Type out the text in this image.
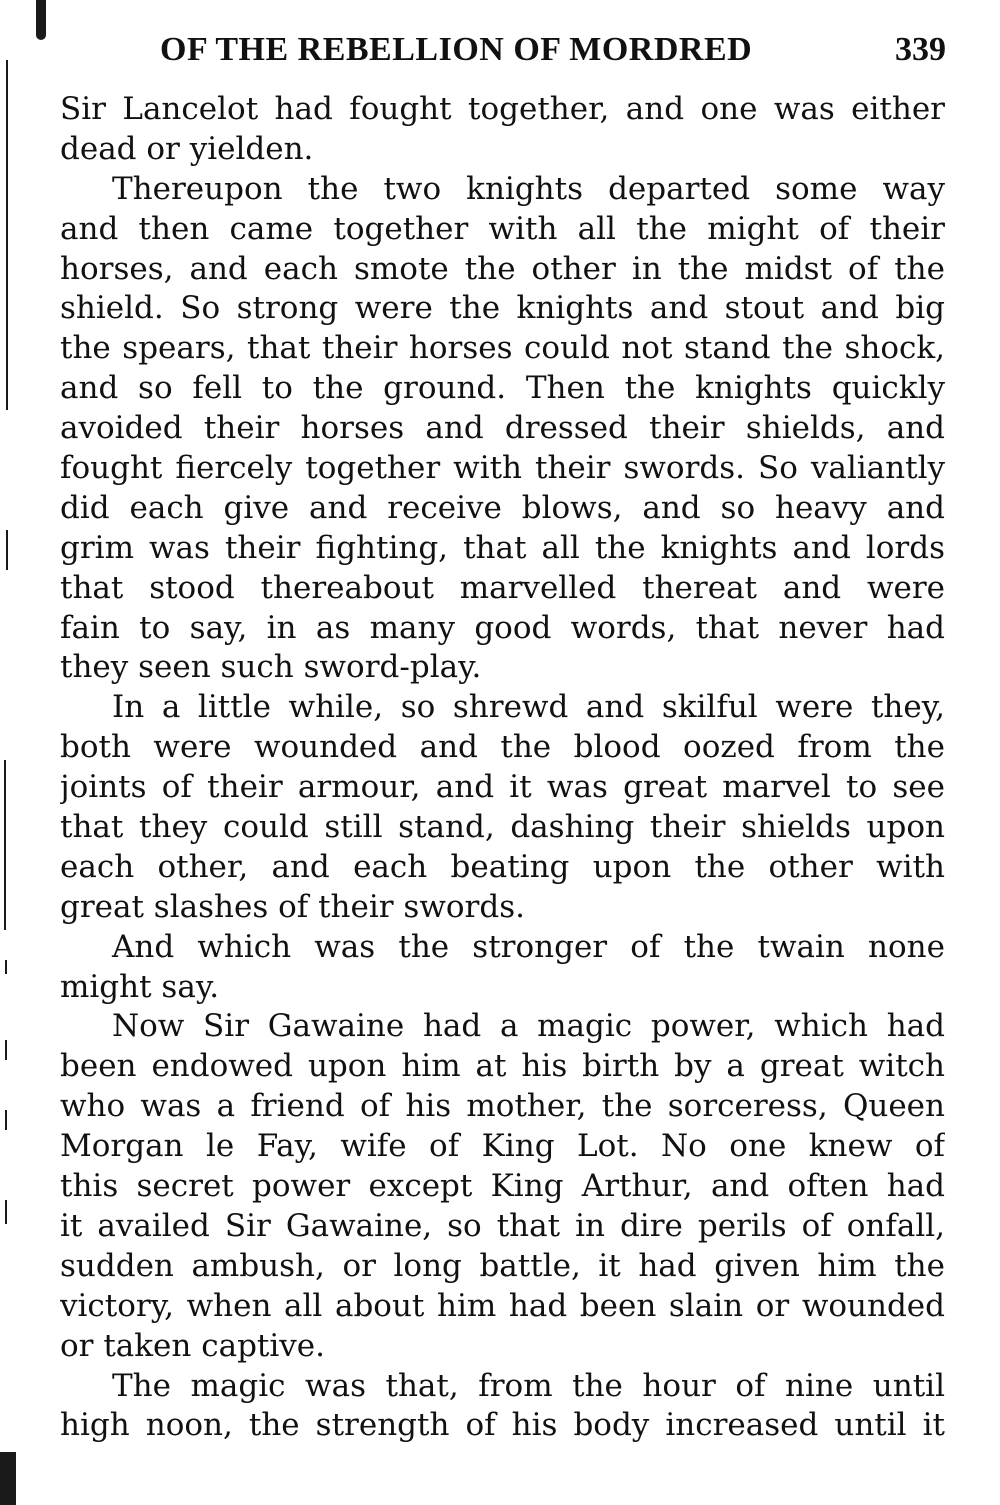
OF THE REBELLION OF MORDRED	339
Sir Lancelot had fought together, and one was either
dead or yielden.
Thereupon the two knights departed some way
and then came together with all the might of their
horses, and each smote the other in the midst of the
shield. So strong were the knights and stout and big
the spears, that their horses could not stand the shock,
and so fell to the ground. Then the knights quickly
avoided their horses and dressed their shields, and
fought fiercely together with their swords. So valiantly
did each give and receive blows, and so heavy and
grim was their fighting, that all the knights and lords
that stood thereabout marvelled thereat and were
fain to say, in as many good words, that never had
they seen such sword-play.
In a little while, so shrewd and skilful were they,
both were wounded and the blood oozed from the
joints of their armour, and it was great marvel to see
that they could still stand, dashing their shields upon
each other, and each beating upon the other with
great slashes of their swords.
And which was the stronger of the twain none
might say.
Now Sir Gawaine had a magic power, which had
been endowed upon him at his birth by a great witch
who was a friend of his mother, the sorceress, Queen
Morgan le Fay, wife of King Lot. No one knew of
this secret power except King Arthur, and often had
it availed Sir Gawaine, so that in dire perils of onfall,
sudden ambush, or long battle, it had given him the
victory, when all about him had been slain or wounded
or taken captive.
The magic was that, from the hour of nine until
high noon, the strength of his body increased until it
